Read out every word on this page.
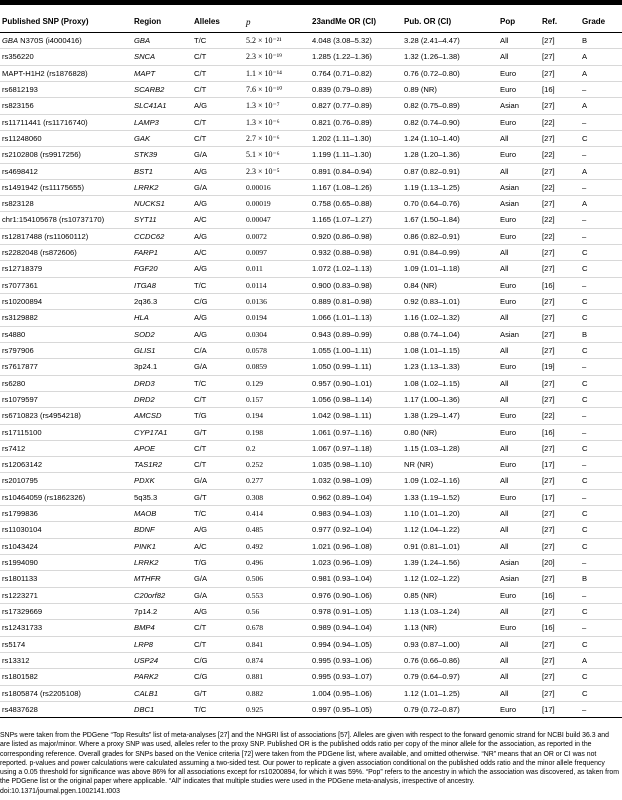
Published SNP (Proxy)	Region	Alleles	p	23andMe OR (CI)	Pub. OR (CI)	Pop	Ref.	Grade
GBA N370S (i4000416)	GBA	T/C	5.2 × 10⁻²¹	4.048 (3.08–5.32)	3.28 (2.41–4.47)	All	[27]	B
rs356220	SNCA	C/T	2.3 × 10⁻¹⁹	1.285 (1.22–1.36)	1.32 (1.26–1.38)	All	[27]	A
MAPT-H1H2 (rs1876828)	MAPT	C/T	1.1 × 10⁻¹⁴	0.764 (0.71–0.82)	0.76 (0.72–0.80)	Euro	[27]	A
rs6812193	SCARB2	C/T	7.6 × 10⁻¹⁰	0.839 (0.79–0.89)	0.89 (NR)	Euro	[16]	–
rs823156	SLC41A1	A/G	1.3 × 10⁻⁷	0.827 (0.77–0.89)	0.82 (0.75–0.89)	Asian	[27]	A
rs11711441 (rs11716740)	LAMP3	C/T	1.3 × 10⁻⁶	0.821 (0.76–0.89)	0.82 (0.74–0.90)	Euro	[22]	–
rs11248060	GAK	C/T	2.7 × 10⁻⁶	1.202 (1.11–1.30)	1.24 (1.10–1.40)	All	[27]	C
rs2102808 (rs9917256)	STK39	G/A	5.1 × 10⁻⁶	1.199 (1.11–1.30)	1.28 (1.20–1.36)	Euro	[22]	–
rs4698412	BST1	A/G	2.3 × 10⁻⁵	0.891 (0.84–0.94)	0.87 (0.82–0.91)	All	[27]	A
rs1491942 (rs11175655)	LRRK2	G/A	0.00016	1.167 (1.08–1.26)	1.19 (1.13–1.25)	Asian	[22]	–
rs823128	NUCKS1	A/G	0.00019	0.758 (0.65–0.88)	0.70 (0.64–0.76)	Asian	[27]	A
chr1:154105678 (rs10737170)	SYT11	A/C	0.00047	1.165 (1.07–1.27)	1.67 (1.50–1.84)	Euro	[22]	–
rs12817488 (rs11060112)	CCDC62	A/G	0.0072	0.920 (0.86–0.98)	0.86 (0.82–0.91)	Euro	[22]	–
rs2282048 (rs872606)	FARP1	A/C	0.0097	0.932 (0.88–0.98)	0.91 (0.84–0.99)	All	[27]	C
rs12718379	FGF20	A/G	0.011	1.072 (1.02–1.13)	1.09 (1.01–1.18)	All	[27]	C
rs7077361	ITGA8	T/C	0.0114	0.900 (0.83–0.98)	0.84 (NR)	Euro	[16]	–
rs10200894	2q36.3	C/G	0.0136	0.889 (0.81–0.98)	0.92 (0.83–1.01)	Euro	[27]	C
rs3129882	HLA	A/G	0.0194	1.066 (1.01–1.13)	1.16 (1.02–1.32)	All	[27]	C
rs4880	SOD2	A/G	0.0304	0.943 (0.89–0.99)	0.88 (0.74–1.04)	Asian	[27]	B
rs797906	GLIS1	C/A	0.0578	1.055 (1.00–1.11)	1.08 (1.01–1.15)	All	[27]	C
rs7617877	3p24.1	G/A	0.0859	1.050 (0.99–1.11)	1.23 (1.13–1.33)	Euro	[19]	–
rs6280	DRD3	T/C	0.129	0.957 (0.90–1.01)	1.08 (1.02–1.15)	All	[27]	C
rs1079597	DRD2	C/T	0.157	1.056 (0.98–1.14)	1.17 (1.00–1.36)	All	[27]	C
rs6710823 (rs4954218)	AMCSD	T/G	0.194	1.042 (0.98–1.11)	1.38 (1.29–1.47)	Euro	[22]	–
rs17115100	CYP17A1	G/T	0.198	1.061 (0.97–1.16)	0.80 (NR)	Euro	[16]	–
rs7412	APOE	C/T	0.2	1.067 (0.97–1.18)	1.15 (1.03–1.28)	All	[27]	C
rs12063142	TAS1R2	C/T	0.252	1.035 (0.98–1.10)	NR (NR)	Euro	[17]	–
rs2010795	PDXK	G/A	0.277	1.032 (0.98–1.09)	1.09 (1.02–1.16)	All	[27]	C
rs10464059 (rs1862326)	5q35.3	G/T	0.308	0.962 (0.89–1.04)	1.33 (1.19–1.52)	Euro	[17]	–
rs1799836	MAOB	T/C	0.414	0.983 (0.94–1.03)	1.10 (1.01–1.20)	All	[27]	C
rs11030104	BDNF	A/G	0.485	0.977 (0.92–1.04)	1.12 (1.04–1.22)	All	[27]	C
rs1043424	PINK1	A/C	0.492	1.021 (0.96–1.08)	0.91 (0.81–1.01)	All	[27]	C
rs1994090	LRRK2	T/G	0.496	1.023 (0.96–1.09)	1.39 (1.24–1.56)	Asian	[20]	–
rs1801133	MTHFR	G/A	0.506	0.981 (0.93–1.04)	1.12 (1.02–1.22)	Asian	[27]	B
rs1223271	C20orf82	G/A	0.553	0.976 (0.90–1.06)	0.85 (NR)	Euro	[16]	–
rs17329669	7p14.2	A/G	0.56	0.978 (0.91–1.05)	1.13 (1.03–1.24)	All	[27]	C
rs12431733	BMP4	C/T	0.678	0.989 (0.94–1.04)	1.13 (NR)	Euro	[16]	–
rs5174	LRP8	C/T	0.841	0.994 (0.94–1.05)	0.93 (0.87–1.00)	All	[27]	C
rs13312	USP24	C/G	0.874	0.995 (0.93–1.06)	0.76 (0.66–0.86)	All	[27]	A
rs1801582	PARK2	C/G	0.881	0.995 (0.93–1.07)	0.79 (0.64–0.97)	All	[27]	C
rs1805874 (rs2205108)	CALB1	G/T	0.882	1.004 (0.95–1.06)	1.12 (1.01–1.25)	All	[27]	C
rs4837628	DBC1	T/C	0.925	0.997 (0.95–1.05)	0.79 (0.72–0.87)	Euro	[17]	–
SNPs were taken from the PDGene “Top Results” list of meta-analyses [27] and the NHGRI list of associations [57]. Alleles are given with respect to the forward genomic strand for NCBI build 36.3 and are listed as major/minor. Where a proxy SNP was used, alleles refer to the proxy SNP. Published OR is the published odds ratio per copy of the minor allele for the association, as reported in the corresponding reference. Overall grades for SNPs based on the Venice criteria [72] were taken from the PDGene list, where available, and omitted otherwise. “NR” means that an OR or CI was not reported. p-values and power calculations were calculated assuming a two-sided test. Our power to replicate a given association conditional on the published odds ratio and the minor allele frequency using a 0.05 threshold for significance was above 86% for all associations except for rs10200894, for which it was 59%. “Pop” refers to the ancestry in which the association was discovered, as taken from the PDGene list or the original paper where applicable. “All” indicates that multiple studies were used in the PDGene meta-analysis, irrespective of ancestry.
doi:10.1371/journal.pgen.1002141.t003
